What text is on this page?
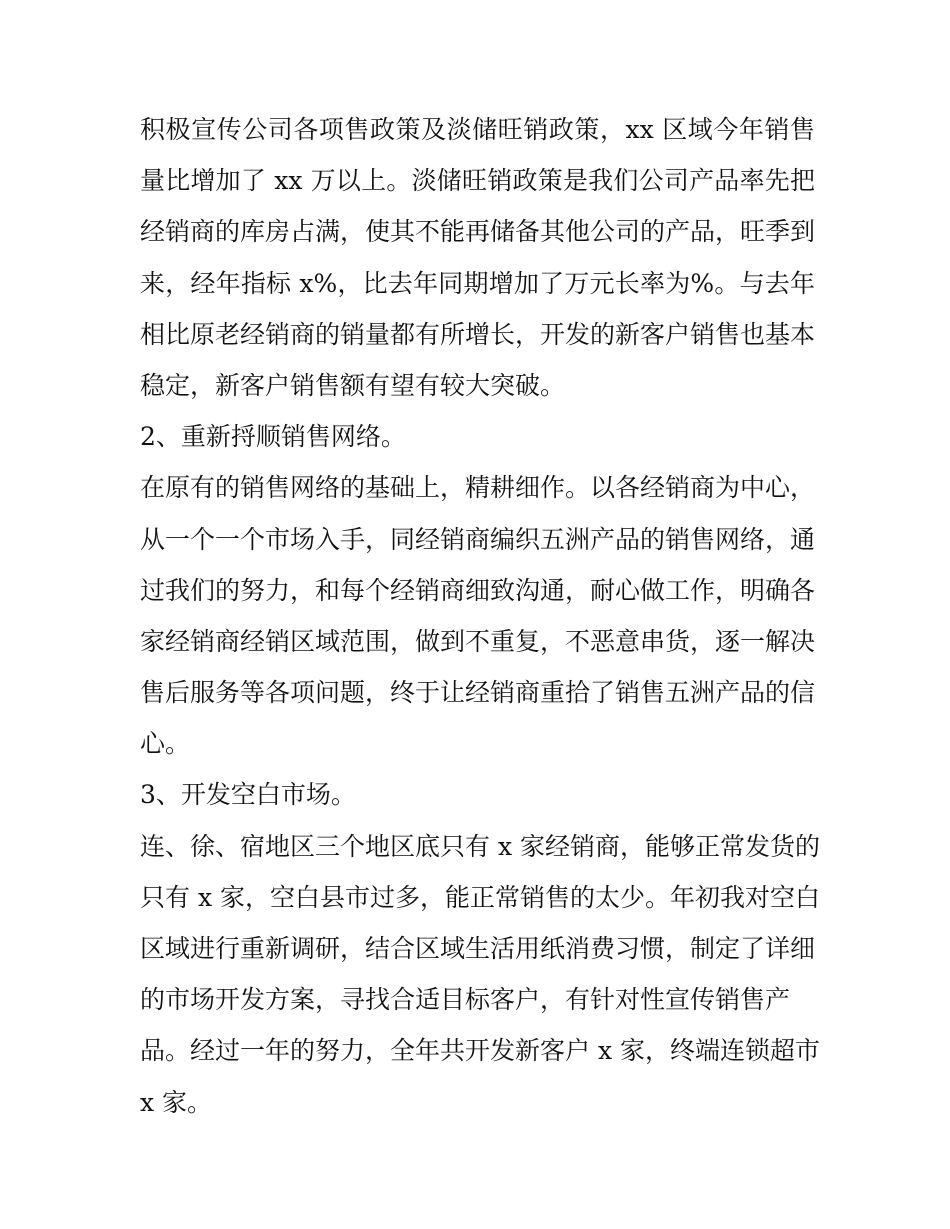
积极宣传公司各项售政策及淡储旺销政策，xx 区域今年销售
量比增加了 xx 万以上。淡储旺销政策是我们公司产品率先把
经销商的库房占满，使其不能再储备其他公司的产品，旺季到
来，经年指标 x%，比去年同期增加了万元长率为%。与去年
相比原老经销商的销量都有所增长，开发的新客户销售也基本
稳定，新客户销售额有望有较大突破。
2、重新捋顺销售网络。
在原有的销售网络的基础上，精耕细作。以各经销商为中心，
从一个一个市场入手，同经销商编织五洲产品的销售网络，通
过我们的努力，和每个经销商细致沟通，耐心做工作，明确各
家经销商经销区域范围，做到不重复，不恶意串货，逐一解决
售后服务等各项问题，终于让经销商重拾了销售五洲产品的信
心。
3、开发空白市场。
连、徐、宿地区三个地区底只有 x 家经销商，能够正常发货的
只有 x 家，空白县市过多，能正常销售的太少。年初我对空白
区域进行重新调研，结合区域生活用纸消费习惯，制定了详细
的市场开发方案，寻找合适目标客户，有针对性宣传销售产
品。经过一年的努力，全年共开发新客户 x 家，终端连锁超市
x 家。
